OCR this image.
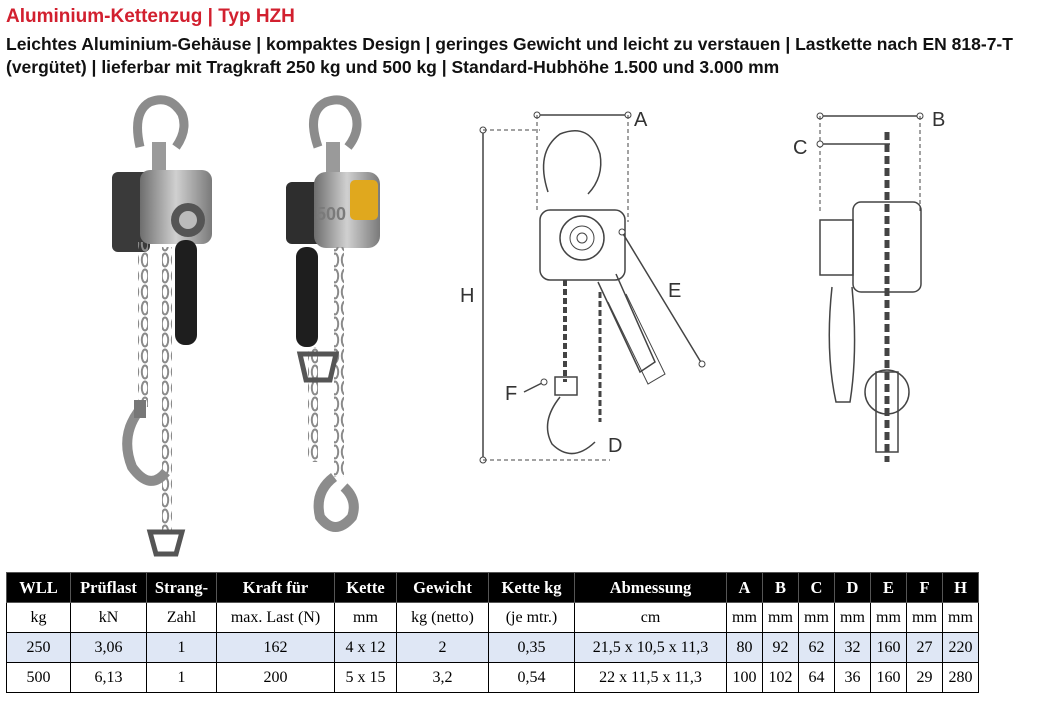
Aluminium-Kettenzug | Typ HZH
Leichtes Aluminium-Gehäuse | kompaktes Design | geringes Gewicht und leicht zu verstauen | Lastkette nach EN 818-7-T (vergütet) | lieferbar mit Tragkraft 250 kg und 500 kg | Standard-Hubhöhe 1.500 und 3.000 mm
500
A
H	E
F
D
B
C
WLL	Prüflast	Strang-	Kraft für	Kette	Gewicht	Kette kg	Abmessung	A	B	C	D	E	F	H
kg	kN	Zahl	max. Last (N)	mm	kg (netto)	(je mtr.)	cm	mm	mm	mm	mm	mm	mm	mm
250	3,06	1	162	4 x 12	2	0,35	21,5 x 10,5 x 11,3	80	92	62	32	160	27	220
500	6,13	1	200	5 x 15	3,2	0,54	22 x 11,5 x 11,3	100	102	64	36	160	29	280
